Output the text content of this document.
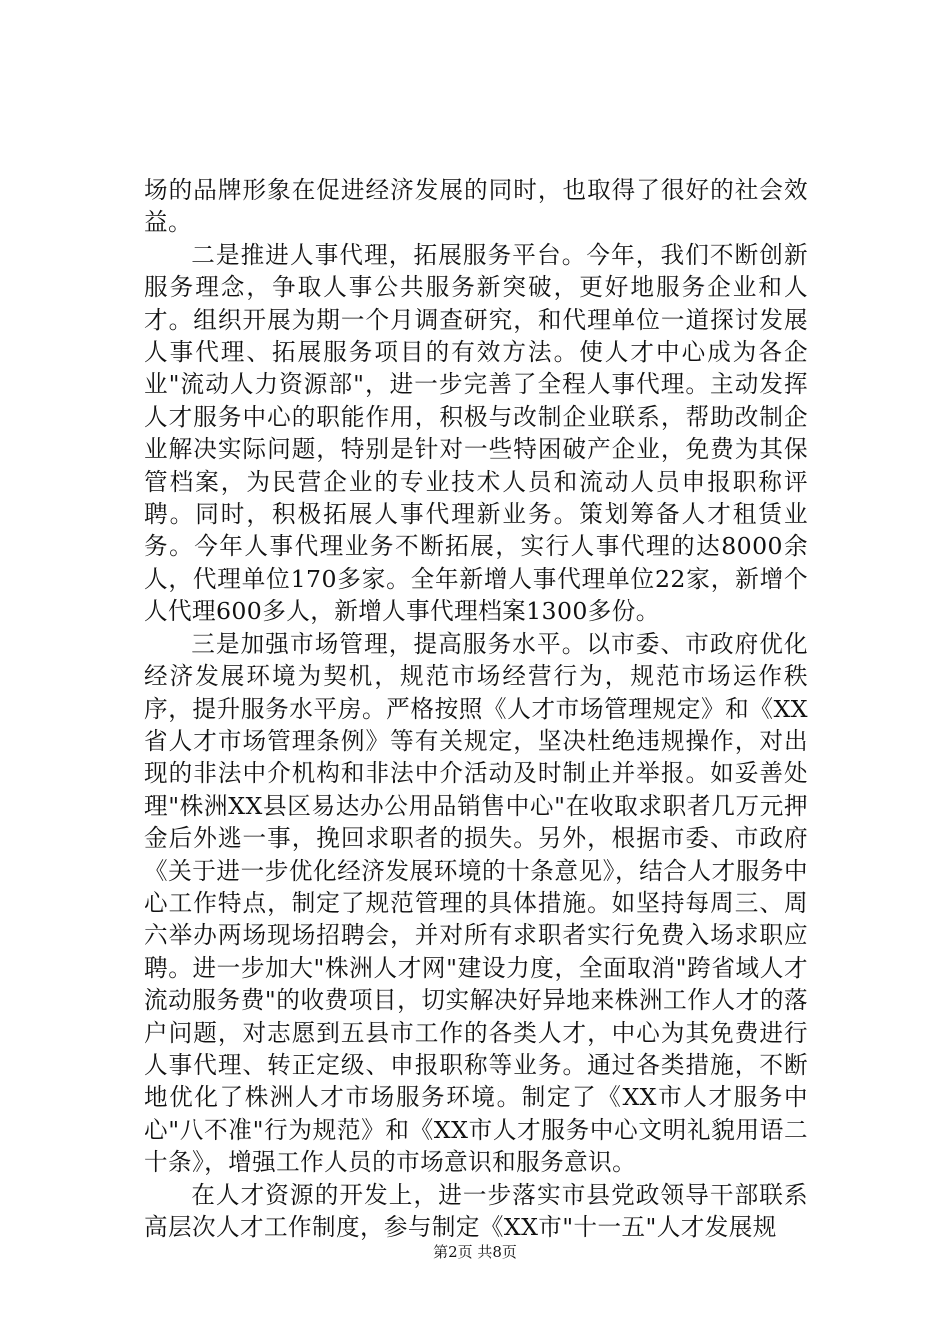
场的品牌形象在促进经济发展的同时，也取得了很好的社会效益。

二是推进人事代理，拓展服务平台。今年，我们不断创新服务理念，争取人事公共服务新突破，更好地服务企业和人才。组织开展为期一个月调查研究，和代理单位一道探讨发展人事代理、拓展服务项目的有效方法。使人才中心成为各企业"流动人力资源部"，进一步完善了全程人事代理。主动发挥人才服务中心的职能作用，积极与改制企业联系，帮助改制企业解决实际问题，特别是针对一些特困破产企业，免费为其保管档案，为民营企业的专业技术人员和流动人员申报职称评聘。同时，积极拓展人事代理新业务。策划筹备人才租赁业务。今年人事代理业务不断拓展，实行人事代理的达8000余人，代理单位170多家。全年新增人事代理单位22家，新增个人代理600多人，新增人事代理档案1300多份。

三是加强市场管理，提高服务水平。以市委、市政府优化经济发展环境为契机，规范市场经营行为，规范市场运作秩序，提升服务水平房。严格按照《人才市场管理规定》和《XX省人才市场管理条例》等有关规定，坚决杜绝违规操作，对出现的非法中介机构和非法中介活动及时制止并举报。如妥善处理"株洲XX县区易达办公用品销售中心"在收取求职者几万元押金后外逃一事，挽回求职者的损失。另外，根据市委、市政府《关于进一步优化经济发展环境的十条意见》，结合人才服务中心工作特点，制定了规范管理的具体措施。如坚持每周三、周六举办两场现场招聘会，并对所有求职者实行免费入场求职应聘。进一步加大"株洲人才网"建设力度，全面取消"跨省域人才流动服务费"的收费项目，切实解决好异地来株洲工作人才的落户问题，对志愿到五县市工作的各类人才，中心为其免费进行人事代理、转正定级、申报职称等业务。通过各类措施，不断地优化了株洲人才市场服务环境。制定了《XX市人才服务中心"八不准"行为规范》和《XX市人才服务中心文明礼貌用语二十条》，增强工作人员的市场意识和服务意识。

在人才资源的开发上，进一步落实市县党政领导干部联系高层次人才工作制度，参与制定《XX市"十一五"人才发展规

第2页 共8页
